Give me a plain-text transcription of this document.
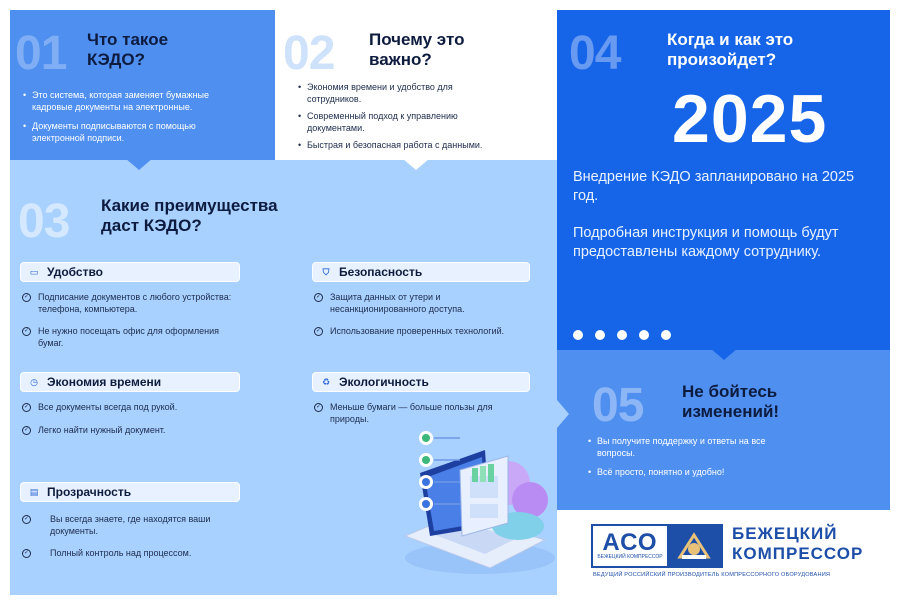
01 Что такое
КЭДО?
• Это система, которая заменяет бумажные кадровые документы на электронные.
• Документы подписываются с помощью электронной подписи.
02 Почему это
важно?
• Экономия времени и удобство для сотрудников.
• Современный подход к управлению документами.
• Быстрая и безопасная работа с данными.
03 Какие преимущества
даст КЭДО?
▭ Удобство
✓ Подписание документов с любого устройства: телефона, компьютера.
✓ Не нужно посещать офис для оформления бумаг.
⛉ Безопасность
✓ Защита данных от утери и несанкционированного доступа.
✓ Использование проверенных технологий.
◷ Экономия времени
✓ Все документы всегда под рукой.
✓ Легко найти нужный документ.
♻ Экологичность
✓ Меньше бумаги — больше пользы для природы.
▤ Прозрачность
✓ Вы всегда знаете, где находятся ваши документы.
✓ Полный контроль над процессом.
04	Когда и как это
произойдет?
2025
Внедрение КЭДО запланировано на 2025 год.
Подробная инструкция и помощь будут предоставлены каждому сотруднику.
05 Не бойтесь
изменений!
• Вы получите поддержку и ответы на все вопросы.
• Всё просто, понятно и удобно!
АСО
БЕЖЕЦКИЙ КОМПРЕССОР
БЕЖЕЦКИЙ
КОМПРЕССОР
ВЕДУЩИЙ РОССИЙСКИЙ ПРОИЗВОДИТЕЛЬ КОМПРЕССОРНОГО ОБОРУДОВАНИЯ
